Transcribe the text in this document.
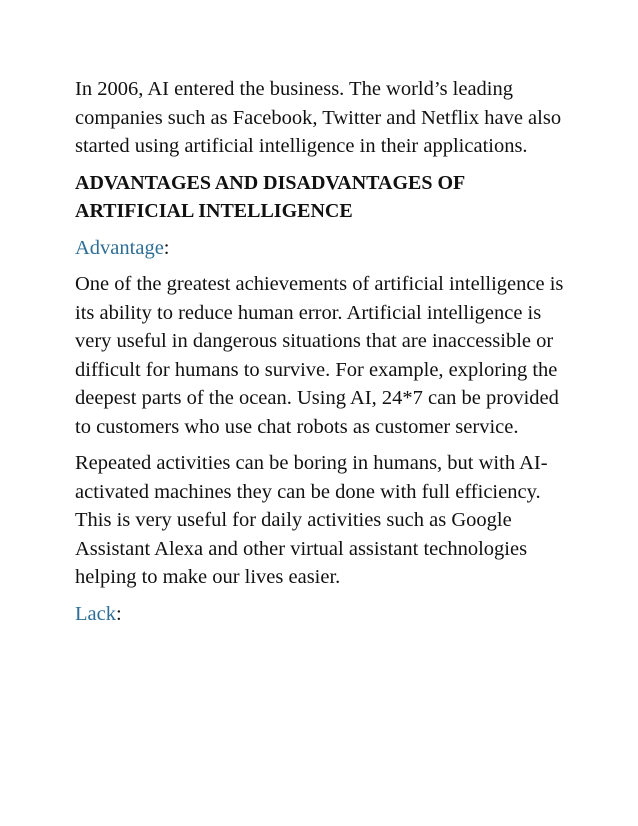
In 2006, AI entered the business. The world’s leading companies such as Facebook, Twitter and Netflix have also started using artificial intelligence in their applications.

ADVANTAGES AND DISADVANTAGES OF ARTIFICIAL INTELLIGENCE

Advantage:

One of the greatest achievements of artificial intelligence is its ability to reduce human error. Artificial intelligence is very useful in dangerous situations that are inaccessible or difficult for humans to survive. For example, exploring the deepest parts of the ocean. Using AI, 24*7 can be provided to customers who use chat robots as customer service.

Repeated activities can be boring in humans, but with AI-activated machines they can be done with full efficiency. This is very useful for daily activities such as Google Assistant Alexa and other virtual assistant technologies helping to make our lives easier.

Lack:
